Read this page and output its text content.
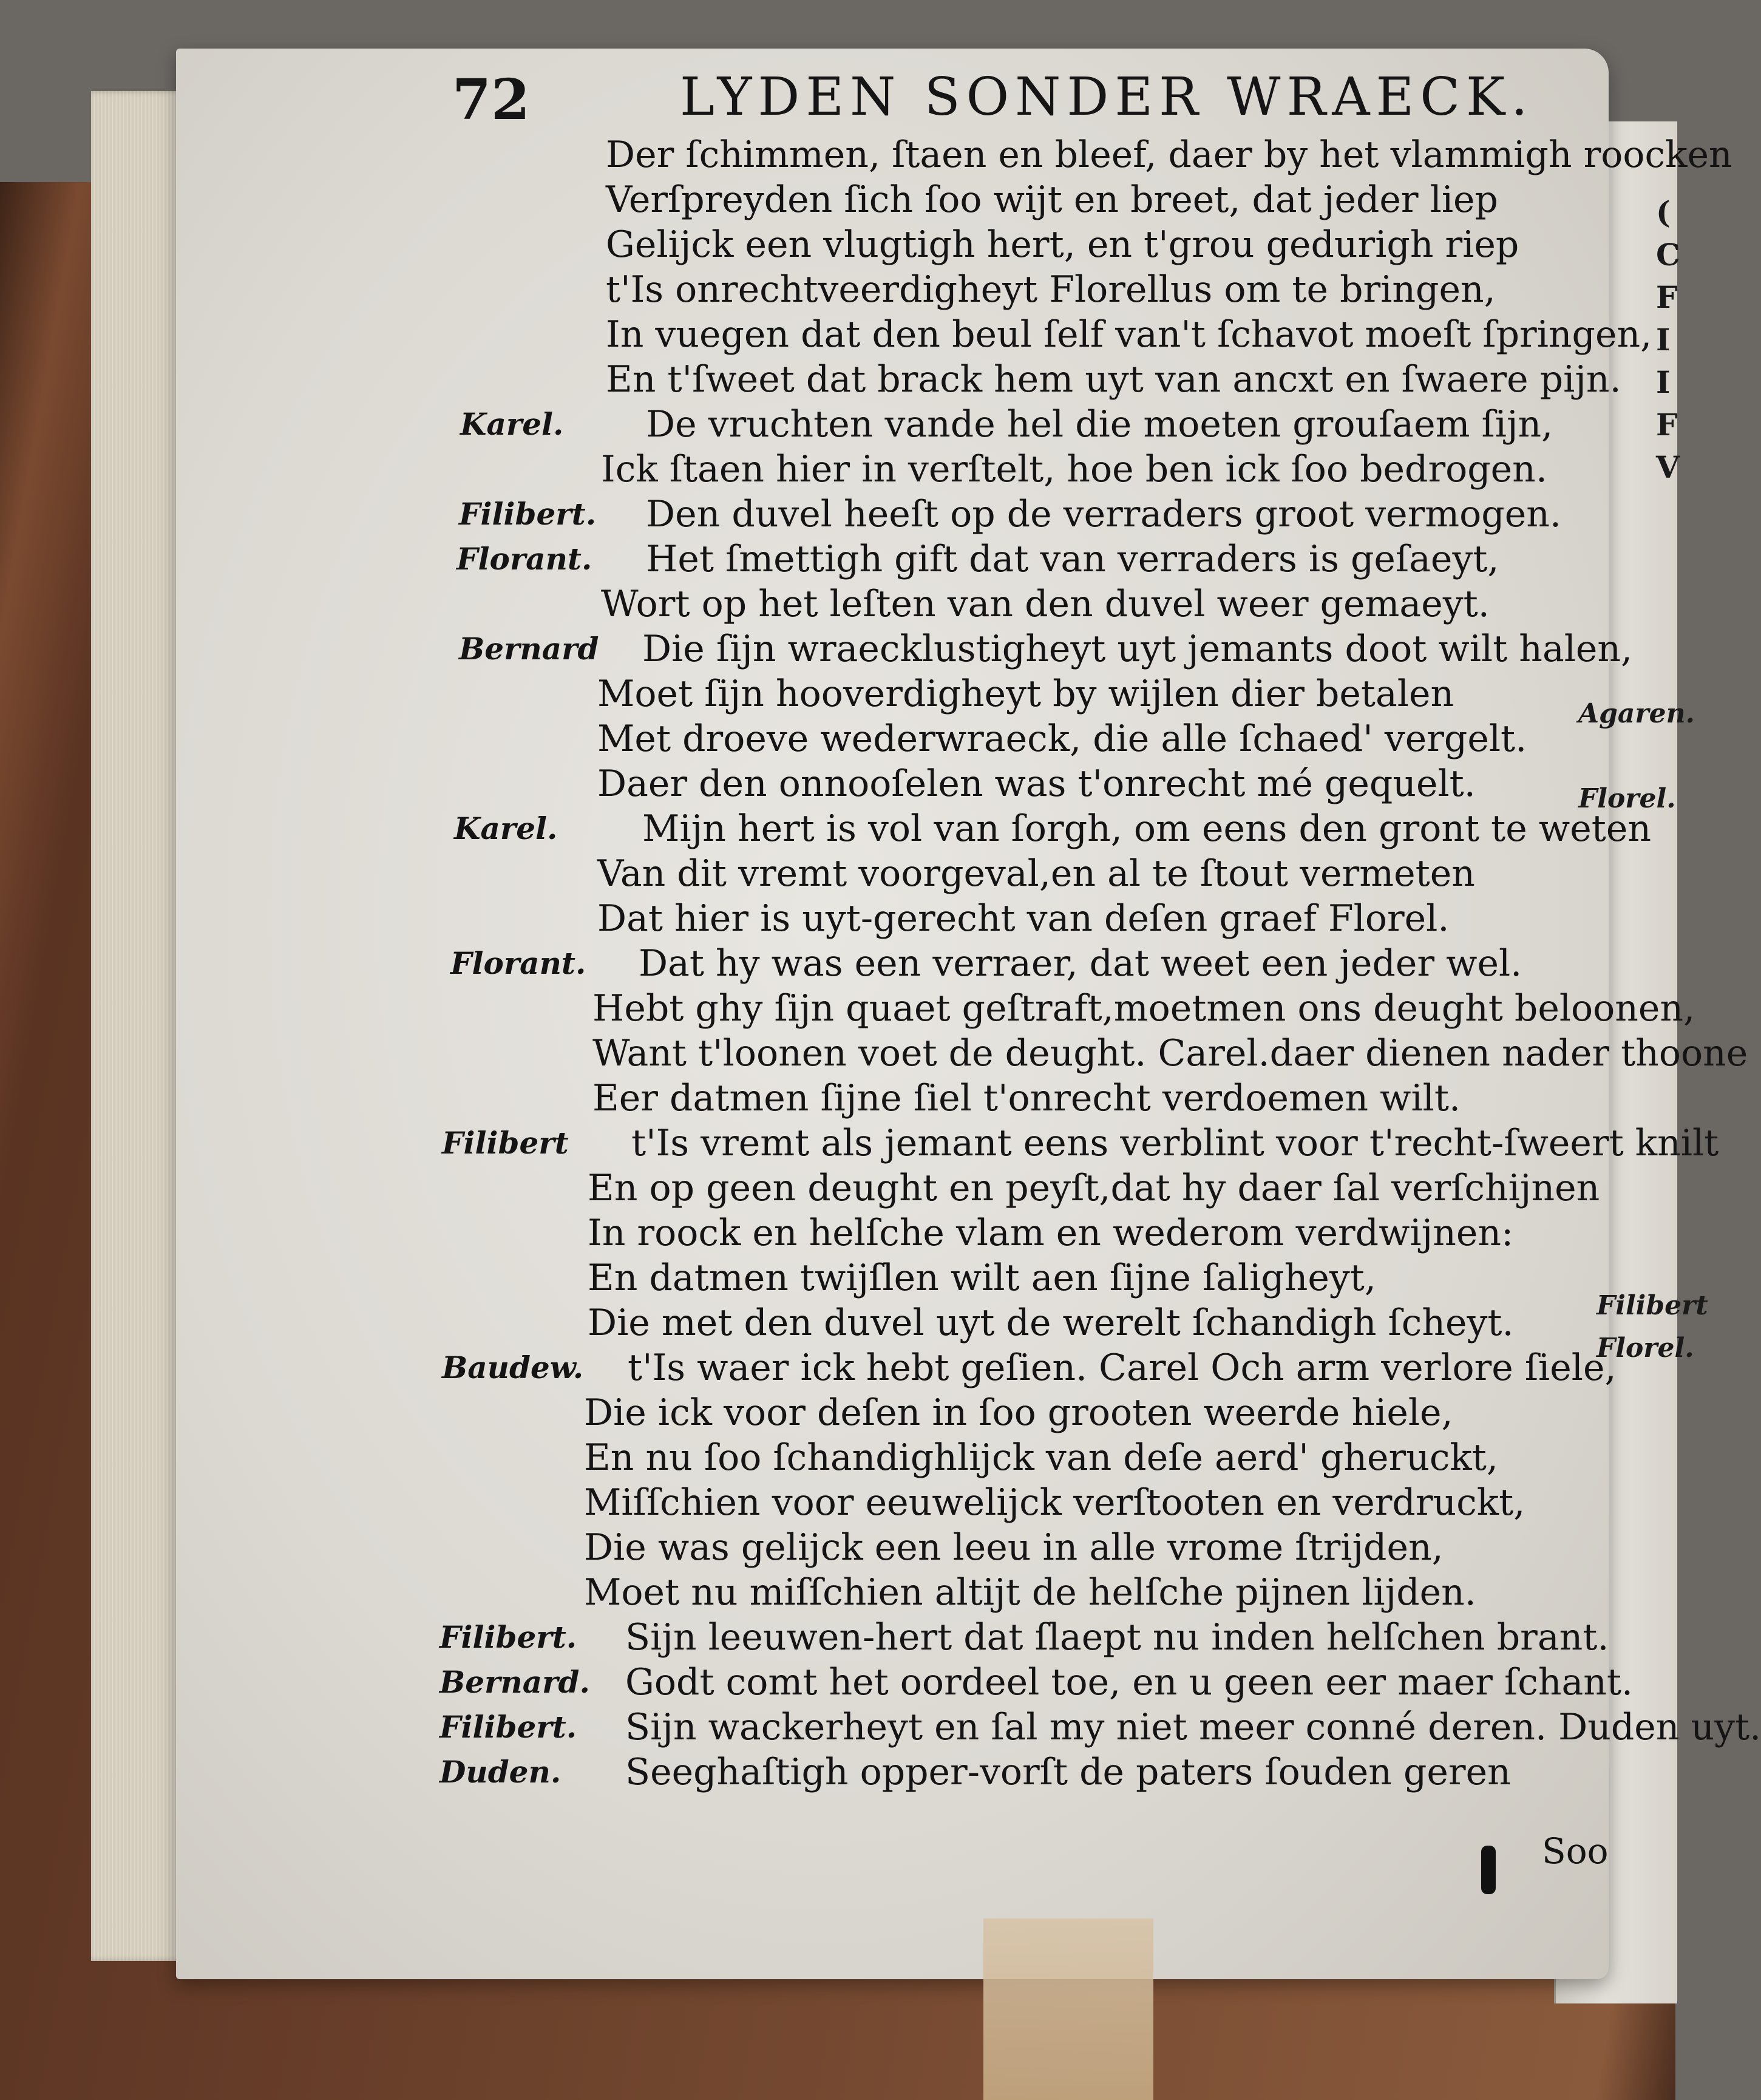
72	LYDEN SONDER WRAECK.
Der ſchimmen, ſtaen en bleef, daer by het vlammigh roocken
Verſpreyden ſich ſoo wijt en breet, dat jeder liep
Gelijck een vlugtigh hert, en t'grou gedurigh riep
t'Is onrechtveerdigheyt Florellus om te bringen,
In vuegen dat den beul ſelf van't ſchavot moeſt ſpringen,
En t'ſweet dat brack hem uyt van ancxt en ſwaere pijn.
De vruchten vande hel die moeten grouſaem ſijn,
Ick ſtaen hier in verſtelt, hoe ben ick ſoo bedrogen.
Den duvel heeſt op de verraders groot vermogen.
Het ſmettigh gift dat van verraders is geſaeyt,
Wort op het leſten van den duvel weer gemaeyt.
Die ſijn wraecklustigheyt uyt jemants doot wilt halen,
Moet ſijn hooverdigheyt by wijlen dier betalen
Met droeve wederwraeck, die alle ſchaed' vergelt.
Daer den onnooſelen was t'onrecht mé gequelt.
Mijn hert is vol van ſorgh, om eens den gront te weten
Van dit vremt voorgeval,en al te ſtout vermeten
Dat hier is uyt-gerecht van deſen graef Florel.
Dat hy was een verraer, dat weet een jeder wel.
Hebt ghy ſijn quaet geſtraft,moetmen ons deught beloonen,
Want t'loonen voet de deught. Carel.daer dienen nader thoone
Eer datmen ſijne ſiel t'onrecht verdoemen wilt.
t'Is vremt als jemant eens verblint voor t'recht-ſweert knilt
En op geen deught en peyſt,dat hy daer ſal verſchijnen
In roock en helſche vlam en wederom verdwijnen:
En datmen twijſlen wilt aen ſijne ſaligheyt,
Die met den duvel uyt de werelt ſchandigh ſcheyt.
t'Is waer ick hebt geſien. Carel Och arm verlore ſiele,
Die ick voor deſen in ſoo grooten weerde hiele,
En nu ſoo ſchandighlijck van deſe aerd' gheruckt,
Miſſchien voor eeuwelijck verſtooten en verdruckt,
Die was gelijck een leeu in alle vrome ſtrijden,
Moet nu miſſchien altijt de helſche pijnen lijden.
Sijn leeuwen-hert dat ſlaept nu inden helſchen brant.
Godt comt het oordeel toe, en u geen eer maer ſchant.
Sijn wackerheyt en ſal my niet meer conné deren. Duden uyt.
Seeghaſtigh opper-vorſt de paters ſouden geren
Karel.
Filibert.
Florant.
Bernard
Karel.
Florant.
Filibert
Baudew.
Filibert.
Bernard.
Filibert.
Duden.
Agaren.
Florel.
Filibert
Florel.
(
C
F
I
I
F
V
Soo
